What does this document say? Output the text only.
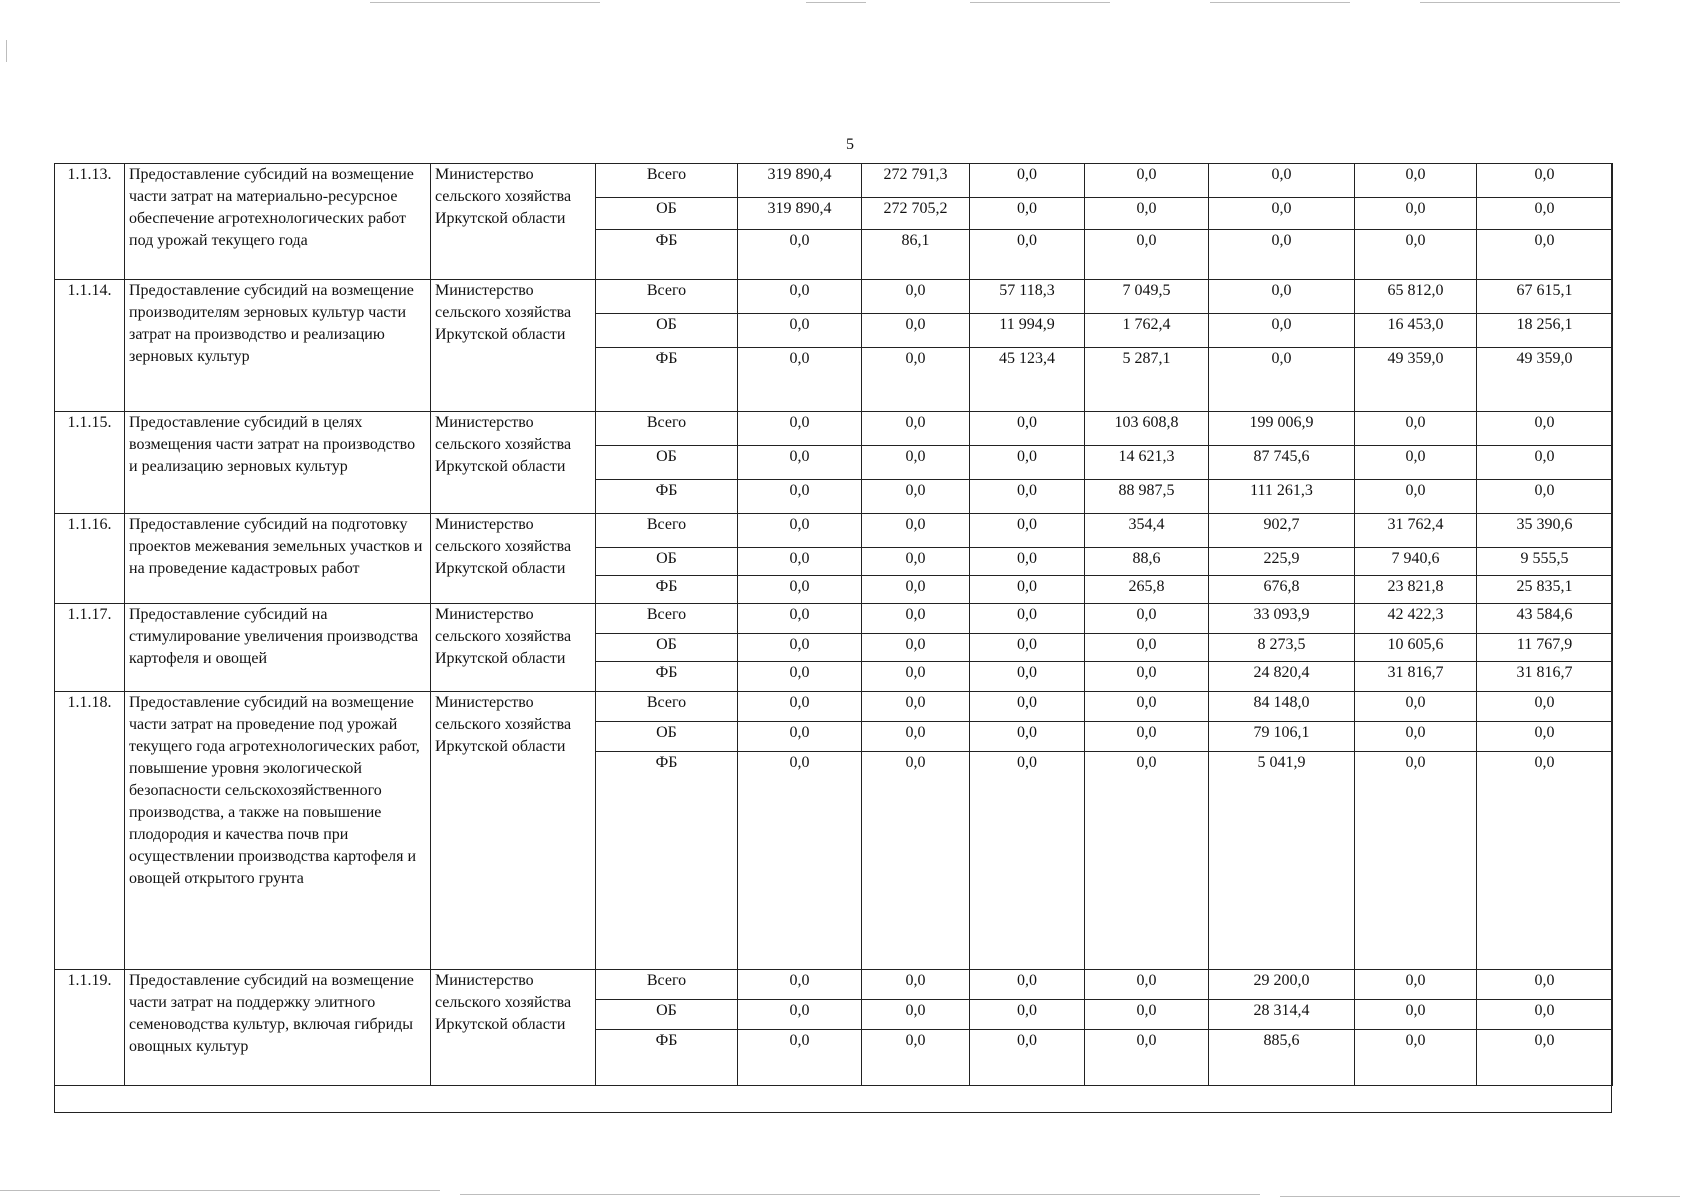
5
1.1.13.	Предоставление субсидий на возмещение части затрат на материально-ресурсное обеспечение агротехнологических работ под урожай текущего года	Министерство сельского хозяйства Иркутской области	Всего	319 890,4	272 791,3	0,0	0,0	0,0	0,0	0,0
			ОБ	319 890,4	272 705,2	0,0	0,0	0,0	0,0	0,0
			ФБ	0,0	86,1	0,0	0,0	0,0	0,0	0,0
1.1.14.	Предоставление субсидий на возмещение производителям зерновых культур части затрат на производство и реализацию зерновых культур	Министерство сельского хозяйства Иркутской области	Всего	0,0	0,0	57 118,3	7 049,5	0,0	65 812,0	67 615,1
			ОБ	0,0	0,0	11 994,9	1 762,4	0,0	16 453,0	18 256,1
			ФБ	0,0	0,0	45 123,4	5 287,1	0,0	49 359,0	49 359,0
1.1.15.	Предоставление субсидий в целях возмещения части затрат на производство и реализацию зерновых культур	Министерство сельского хозяйства Иркутской области	Всего	0,0	0,0	0,0	103 608,8	199 006,9	0,0	0,0
			ОБ	0,0	0,0	0,0	14 621,3	87 745,6	0,0	0,0
			ФБ	0,0	0,0	0,0	88 987,5	111 261,3	0,0	0,0
1.1.16.	Предоставление субсидий на подготовку проектов межевания земельных участков и на проведение кадастровых работ	Министерство сельского хозяйства Иркутской области	Всего	0,0	0,0	0,0	354,4	902,7	31 762,4	35 390,6
			ОБ	0,0	0,0	0,0	88,6	225,9	7 940,6	9 555,5
			ФБ	0,0	0,0	0,0	265,8	676,8	23 821,8	25 835,1
1.1.17.	Предоставление субсидий на стимулирование увеличения производства картофеля и овощей	Министерство сельского хозяйства Иркутской области	Всего	0,0	0,0	0,0	0,0	33 093,9	42 422,3	43 584,6
			ОБ	0,0	0,0	0,0	0,0	8 273,5	10 605,6	11 767,9
			ФБ	0,0	0,0	0,0	0,0	24 820,4	31 816,7	31 816,7
1.1.18.	Предоставление субсидий на возмещение части затрат на проведение под урожай текущего года агротехнологических работ, повышение уровня экологической безопасности сельскохозяйственного производства, а также на повышение плодородия и качества почв при осуществлении производства картофеля и овощей открытого грунта	Министерство сельского хозяйства Иркутской области	Всего	0,0	0,0	0,0	0,0	84 148,0	0,0	0,0
			ОБ	0,0	0,0	0,0	0,0	79 106,1	0,0	0,0
			ФБ	0,0	0,0	0,0	0,0	5 041,9	0,0	0,0
1.1.19.	Предоставление субсидий на возмещение части затрат на поддержку элитного семеноводства культур, включая гибриды овощных культур	Министерство сельского хозяйства Иркутской области	Всего	0,0	0,0	0,0	0,0	29 200,0	0,0	0,0
			ОБ	0,0	0,0	0,0	0,0	28 314,4	0,0	0,0
			ФБ	0,0	0,0	0,0	0,0	885,6	0,0	0,0
